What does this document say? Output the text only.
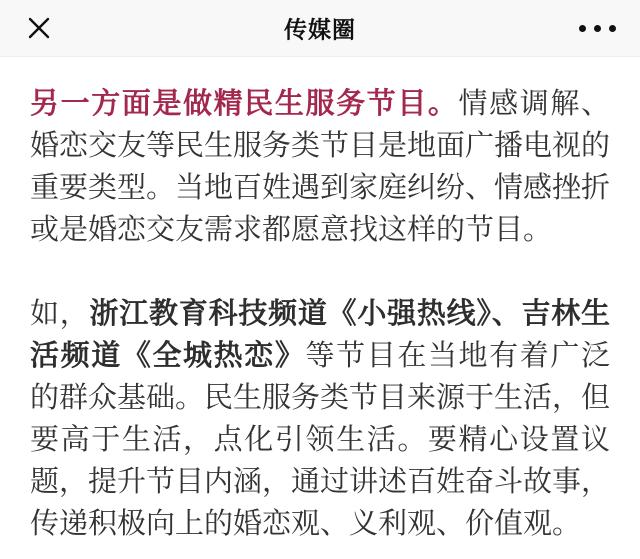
传媒圈

另一方面是做精民生服务节目。情感调解、婚恋交友等民生服务类节目是地面广播电视的重要类型。当地百姓遇到家庭纠纷、情感挫折或是婚恋交友需求都愿意找这样的节目。

如，浙江教育科技频道《小强热线》、吉林生活频道《全城热恋》等节目在当地有着广泛的群众基础。民生服务类节目来源于生活，但要高于生活，点化引领生活。要精心设置议题，提升节目内涵，通过讲述百姓奋斗故事，传递积极向上的婚恋观、义利观、价值观。
